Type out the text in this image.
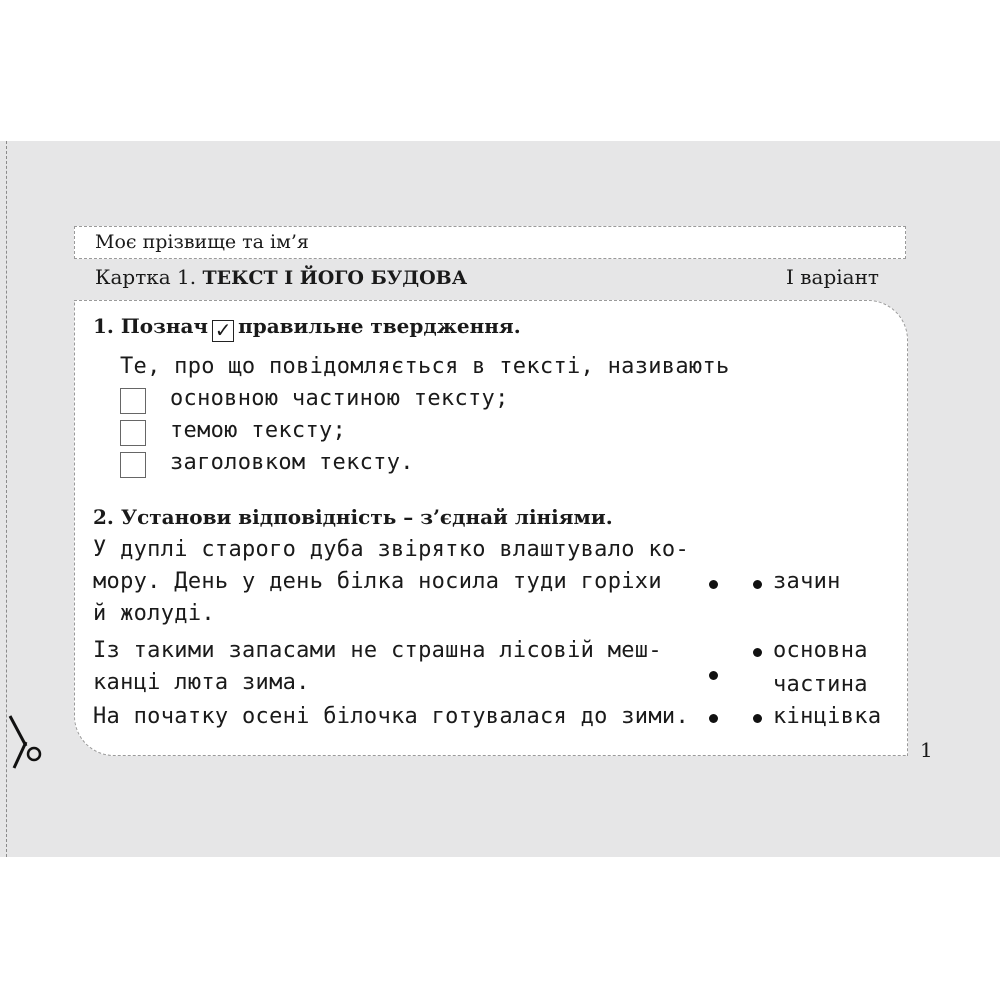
Моє прізвище та ім’я
Картка 1. ТЕКСТ І ЙОГО БУДОВА	І варіант
1. Познач ✓ правильне твердження.
Те, про що повідомляється в тексті, називають
основною частиною тексту;
темою тексту;
заголовком тексту.
2. Установи відповідність – з’єднай лініями.
У дуплі старого дуба звірятко влаштувало ко-
мору. День у день білка носила туди горіхи
й жолуді.
Із такими запасами не страшна лісовій меш-
канці люта зима.
На початку осені білочка готувалася до зими.
зачин
основна
частина
кінцівка
1
